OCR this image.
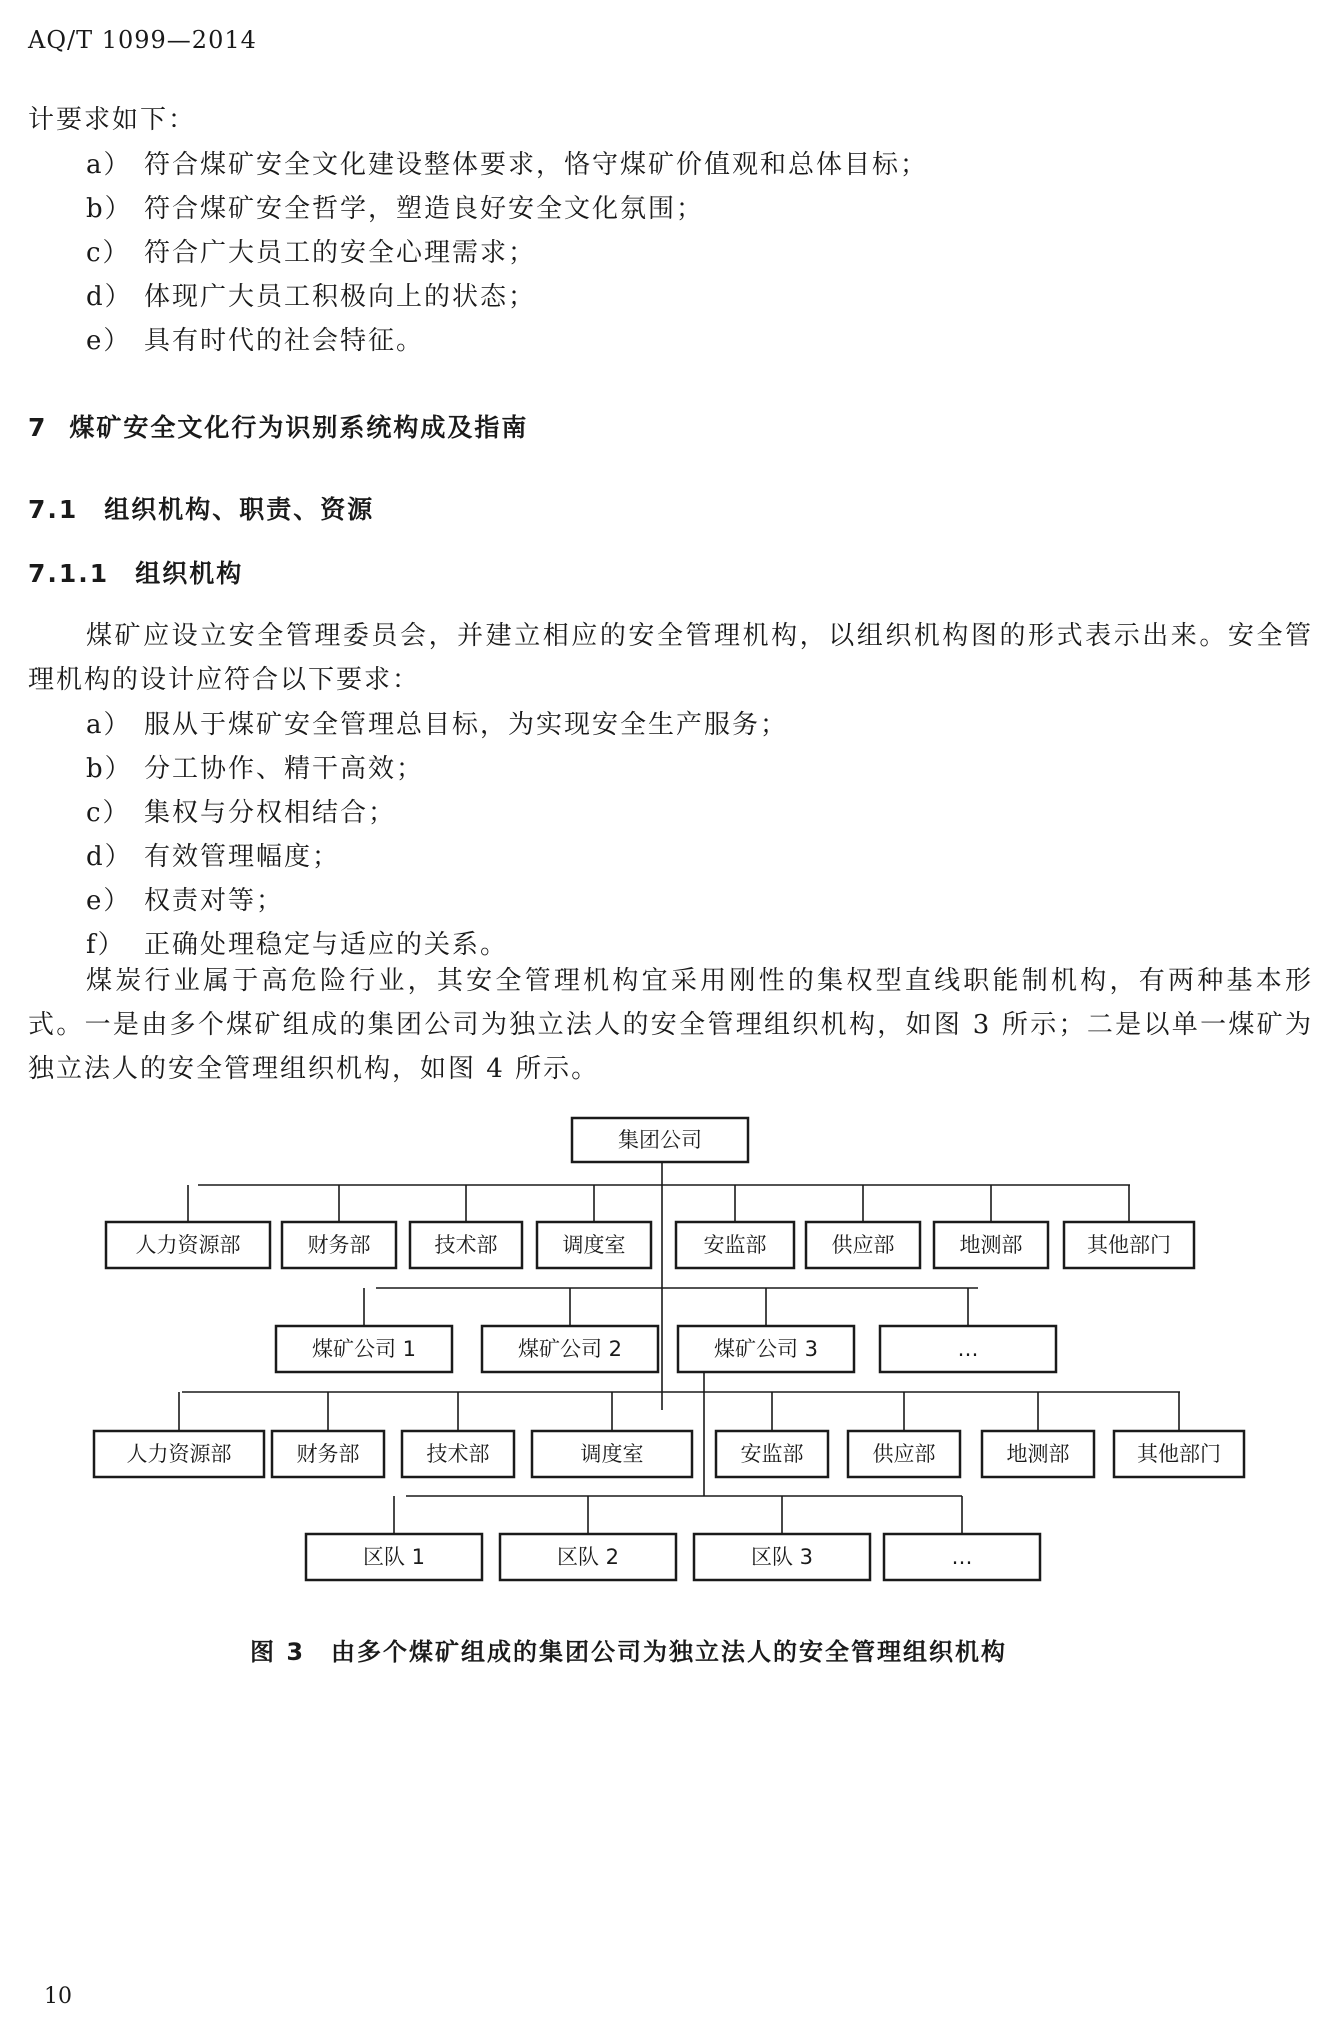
AQ/T 1099—2014
计要求如下：
a） 符合煤矿安全文化建设整体要求，恪守煤矿价值观和总体目标；
b） 符合煤矿安全哲学，塑造良好安全文化氛围；
c） 符合广大员工的安全心理需求；
d） 体现广大员工积极向上的状态；
e） 具有时代的社会特征。
7 煤矿安全文化行为识别系统构成及指南
7.1 组织机构、职责、资源
7.1.1 组织机构
煤矿应设立安全管理委员会，并建立相应的安全管理机构，以组织机构图的形式表示出来。安全管理机构的设计应符合以下要求：
a） 服从于煤矿安全管理总目标，为实现安全生产服务；
b） 分工协作、精干高效；
c） 集权与分权相结合；
d） 有效管理幅度；
e） 权责对等；
f） 正确处理稳定与适应的关系。
煤炭行业属于高危险行业，其安全管理机构宜采用刚性的集权型直线职能制机构，有两种基本形式。一是由多个煤矿组成的集团公司为独立法人的安全管理组织机构，如图 3 所示；二是以单一煤矿为独立法人的安全管理组织机构，如图 4 所示。
集团公司
人力资源部	财务部	技术部	调度室	安监部	供应部	地测部	其他部门
煤矿公司 1	煤矿公司 2	煤矿公司 3	…
人力资源部	财务部	技术部	调度室	安监部	供应部	地测部	其他部门
区队 1	区队 2	区队 3	…
图 3　由多个煤矿组成的集团公司为独立法人的安全管理组织机构
10
